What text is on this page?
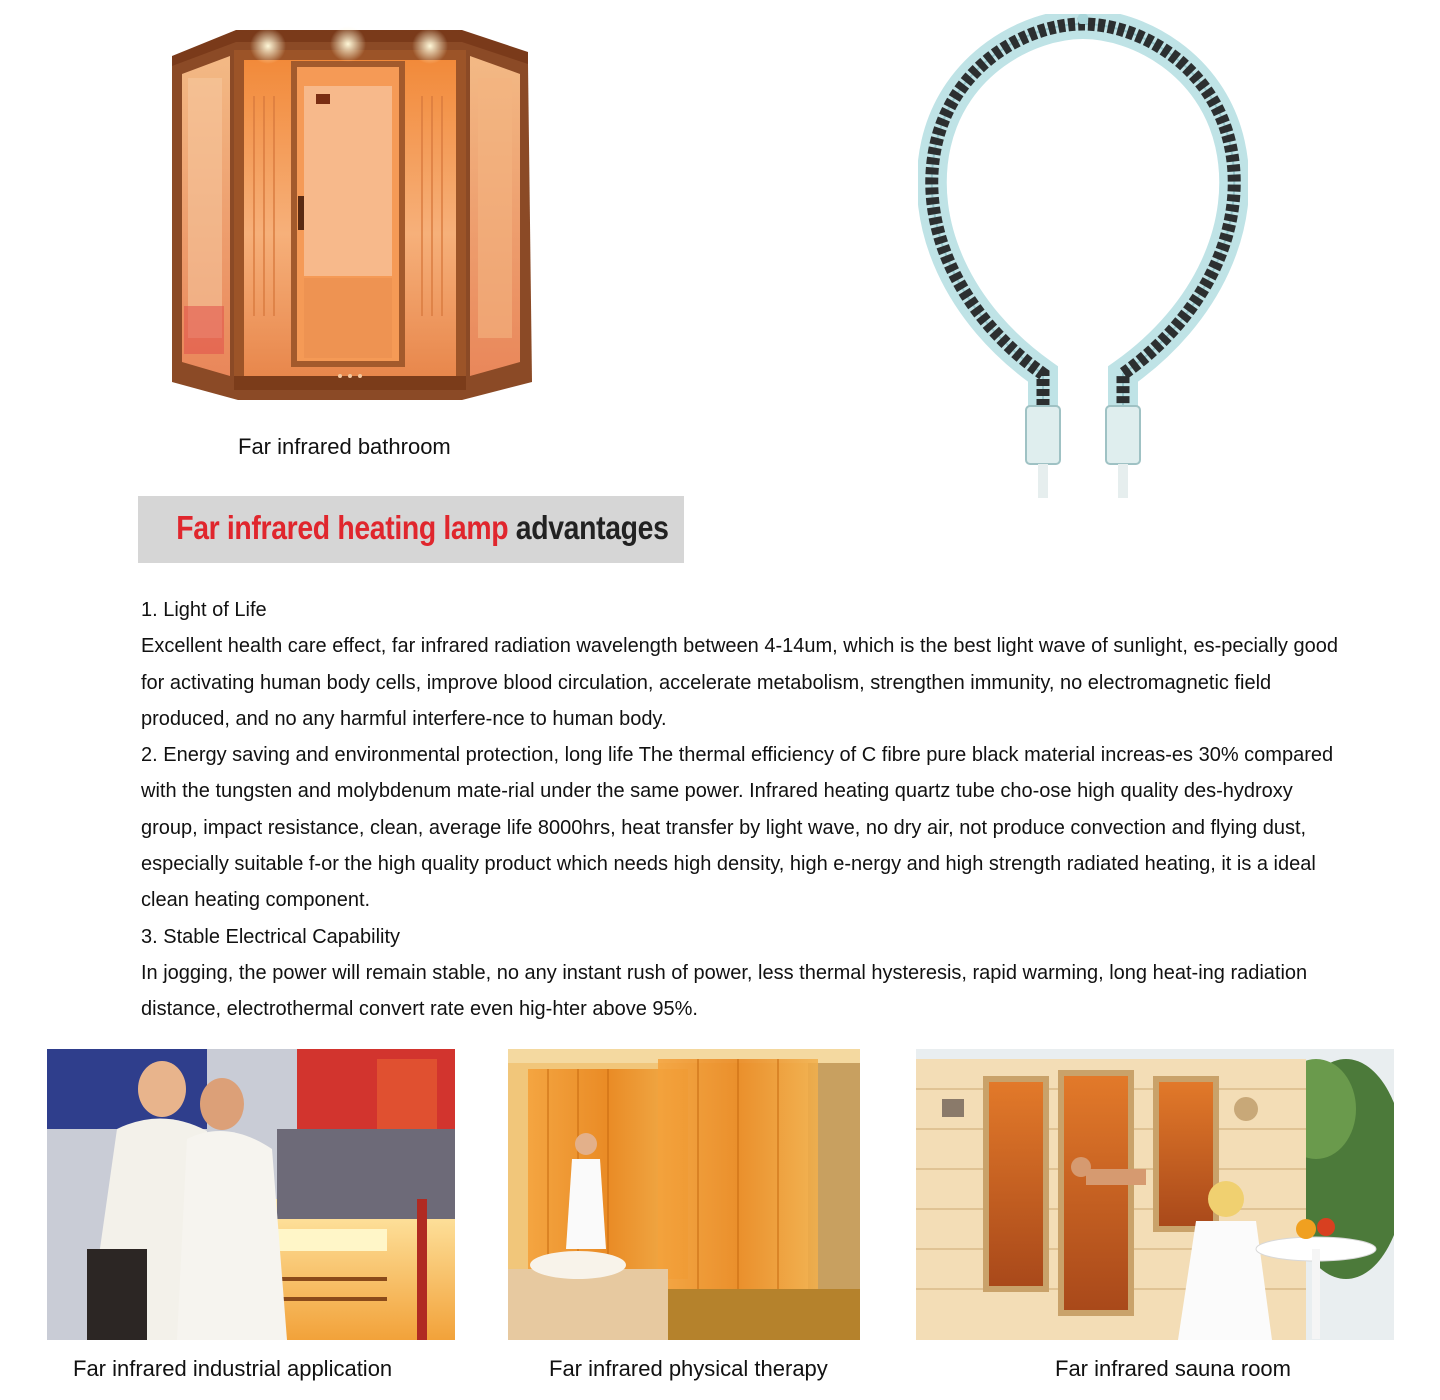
Far infrared bathroom
Far infrared heating lamp advantages

1. Light of Life

Excellent health care effect, far infrared radiation wavelength between 4-14um, which is the best light wave of sunlight, es-pecially good for activating human body cells, improve blood circulation, accelerate metabolism, strengthen immunity, no electromagnetic field produced, and no any harmful interfere-nce to human body.

2. Energy saving and environmental protection, long life The thermal efficiency of C fibre pure black material increas-es 30% compared with the tungsten and molybdenum mate-rial under the same power. Infrared heating quartz tube cho-ose high quality des-hydroxy group, impact resistance, clean, average life 8000hrs, heat transfer by light wave, no dry air, not produce convection and flying dust, especially suitable f-or the high quality product which needs high density, high e-nergy and high strength radiated heating, it is a ideal clean heating component.

3. Stable Electrical Capability

In jogging, the power will remain stable, no any instant rush of power, less thermal hysteresis, rapid warming, long heat-ing radiation distance, electrothermal convert rate even hig-hter above 95%.

Far infrared industrial application	Far infrared physical therapy	Far infrared sauna room
